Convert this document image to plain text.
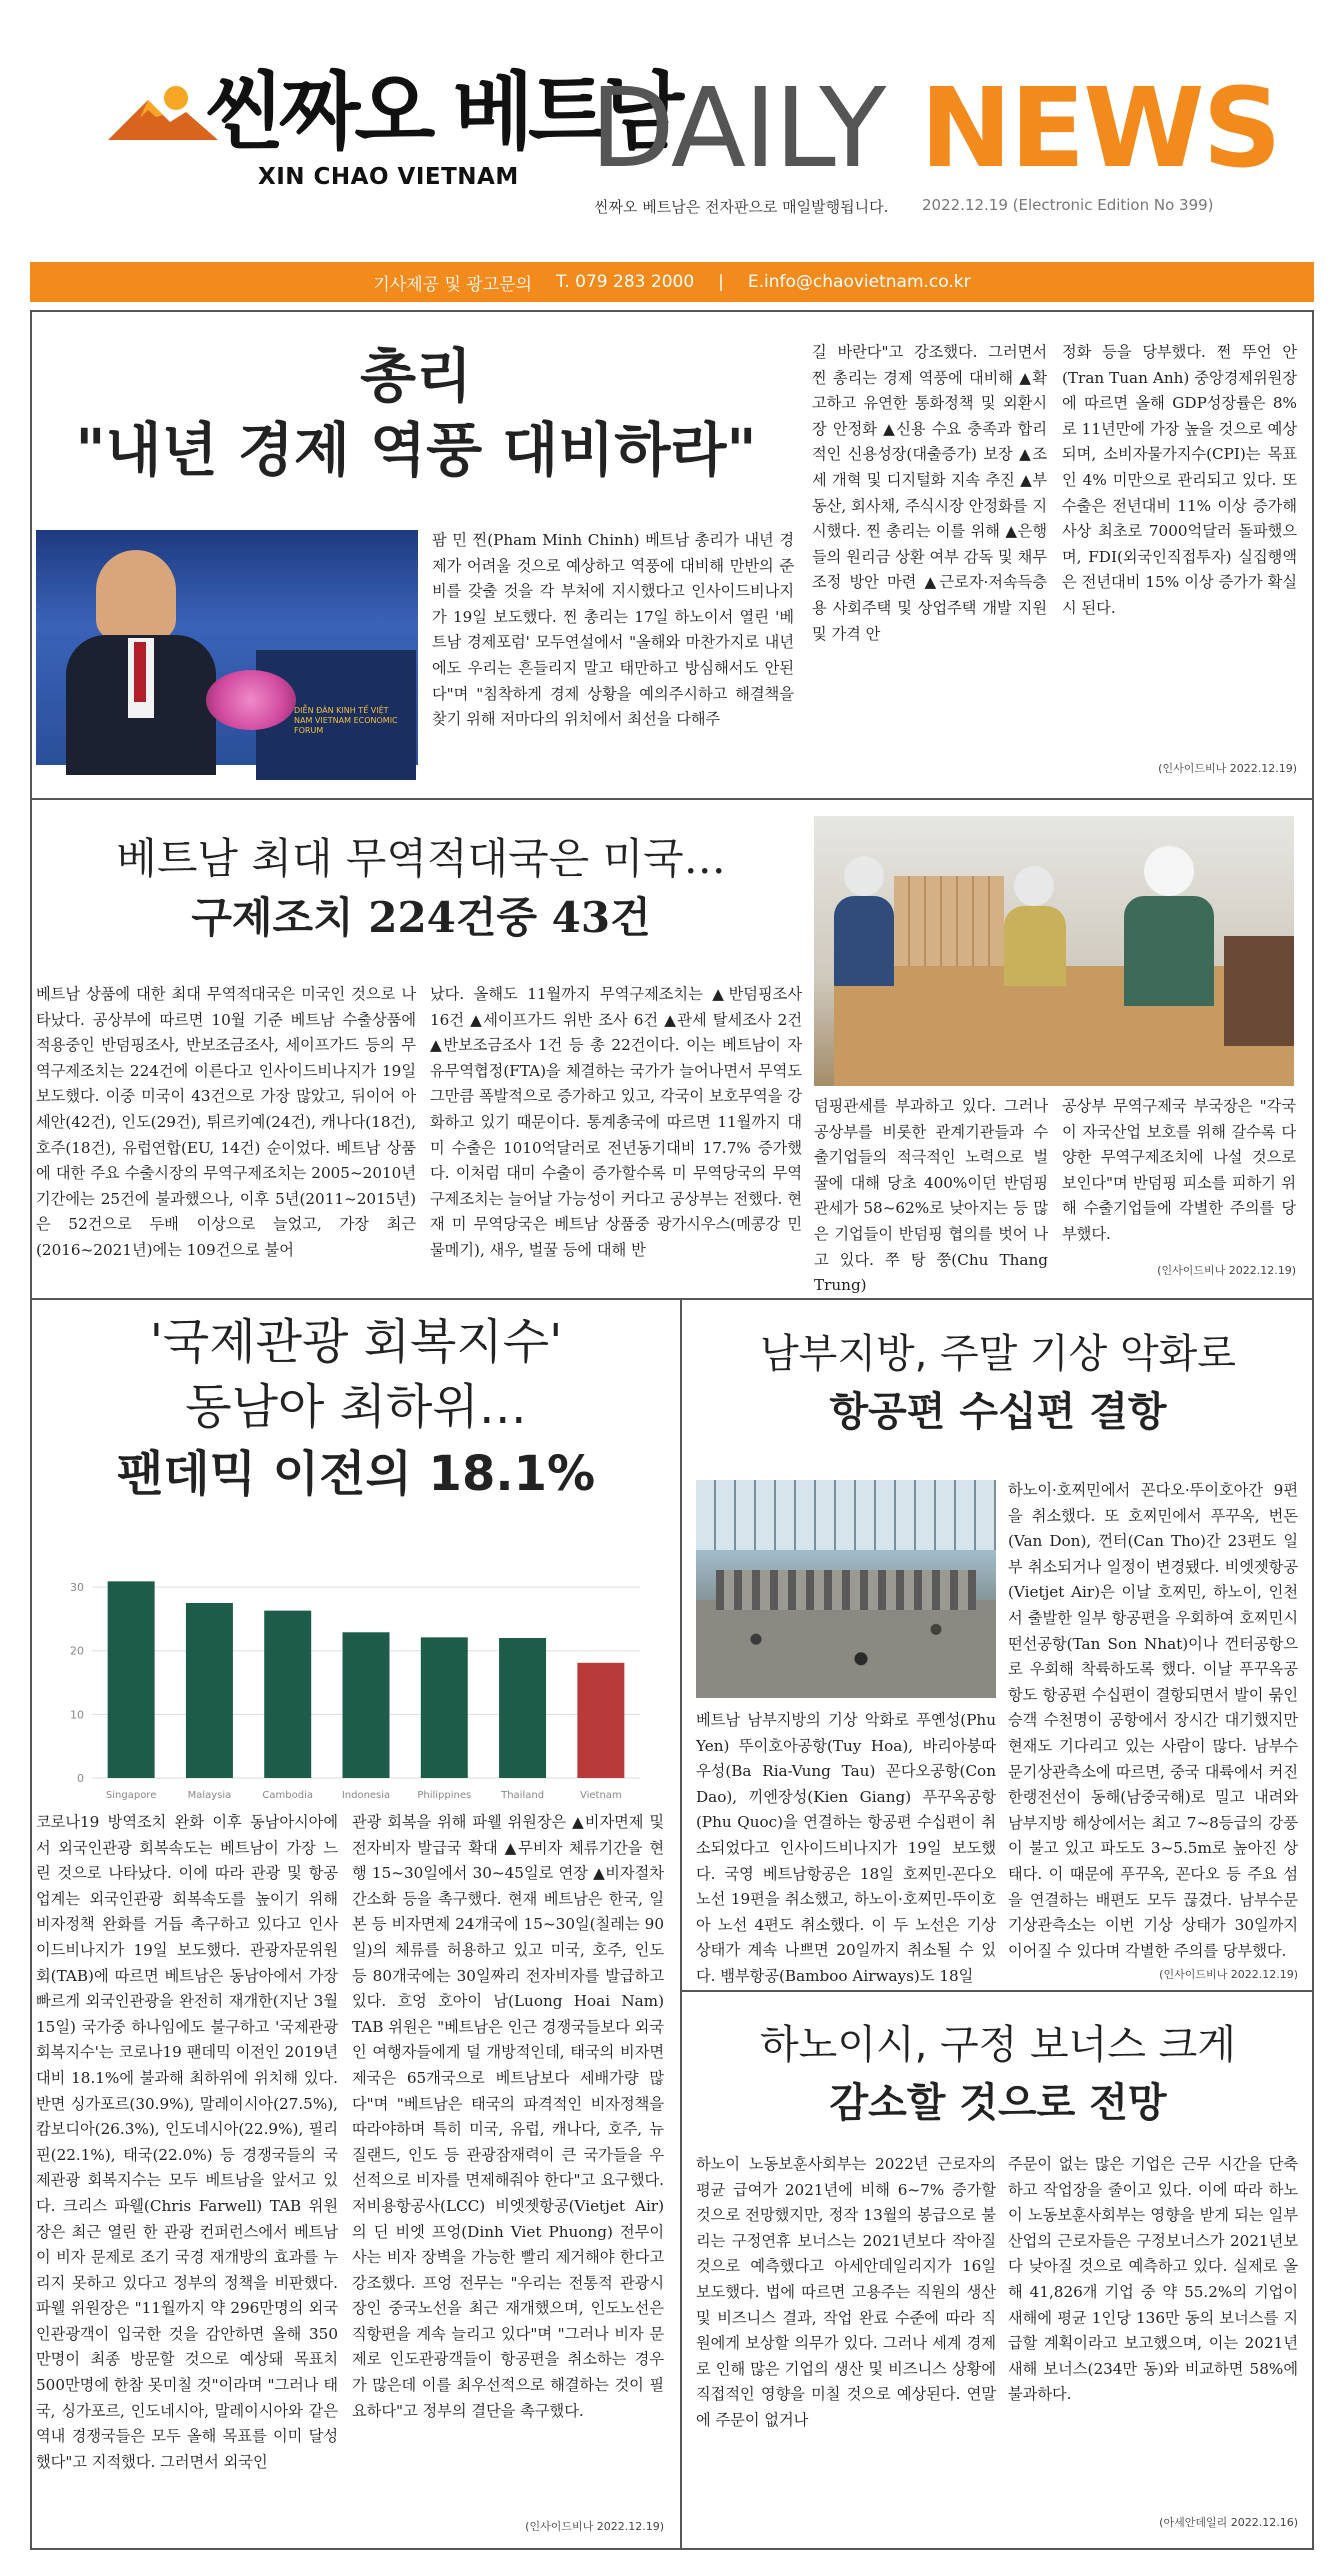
씬짜오 베트남
XIN CHAO VIETNAM DAILY NEWS
씬짜오 베트남은 전자판으로 매일발행됩니다. 2022.12.19 (Electronic Edition No 399)
기사제공 및 광고문의 T. 079 283 2000 | E.info@chaovietnam.co.kr
총리
"내년 경제 역풍 대비하라"
DIỄN ĐÀN KINH TẾ VIỆT NAM VIETNAM ECONOMIC FORUM
팜 민 찐(Pham Minh Chinh) 베트남 총리가 내년 경제가 어려울 것으로 예상하고 역풍에 대비해 만반의 준비를 갖출 것을 각 부처에 지시했다고 인사이드비나지가 19일 보도했다. 찐 총리는 17일 하노이서 열린 '베트남 경제포럼' 모두연설에서 "올해와 마찬가지로 내년에도 우리는 흔들리지 말고 태만하고 방심해서도 안된다"며 "침착하게 경제 상황을 예의주시하고 해결책을 찾기 위해 저마다의 위치에서 최선을 다해주
길 바란다"고 강조했다. 그러면서 찐 총리는 경제 역풍에 대비해 ▲확고하고 유연한 통화정책 및 외환시장 안정화 ▲신용 수요 충족과 합리적인 신용성장(대출증가) 보장 ▲조세 개혁 및 디지털화 지속 추진 ▲부동산, 회사채, 주식시장 안정화를 지시했다. 찐 총리는 이를 위해 ▲은행들의 원리금 상환 여부 감독 및 채무조정 방안 마련 ▲근로자·저속득층용 사회주택 및 상업주택 개발 지원 및 가격 안
정화 등을 당부했다. 쩐 뚜언 안(Tran Tuan Anh) 중앙경제위원장에 따르면 올해 GDP성장률은 8%로 11년만에 가장 높을 것으로 예상되며, 소비자물가지수(CPI)는 목표인 4% 미만으로 관리되고 있다. 또 수출은 전년대비 11% 이상 증가해 사상 최초로 7000억달러 돌파했으며, FDI(외국인직접투자) 실집행액은 전년대비 15% 이상 증가가 확실시 된다.
(인사이드비나 2022.12.19)
베트남 최대 무역적대국은 미국…
구제조치 224건중 43건
베트남 상품에 대한 최대 무역적대국은 미국인 것으로 나타났다. 공상부에 따르면 10월 기준 베트남 수출상품에 적용중인 반덤핑조사, 반보조금조사, 세이프가드 등의 무역구제조치는 224건에 이른다고 인사이드비나지가 19일 보도했다. 이중 미국이 43건으로 가장 많았고, 뒤이어 아세안(42건), 인도(29건), 튀르키예(24건), 캐나다(18건), 호주(18건), 유럽연합(EU, 14건) 순이었다. 베트남 상품에 대한 주요 수출시장의 무역구제조치는 2005~2010년 기간에는 25건에 불과했으나, 이후 5년(2011~2015년)은 52건으로 두배 이상으로 늘었고, 가장 최근(2016~2021년)에는 109건으로 불어
났다. 올해도 11월까지 무역구제조치는 ▲반덤핑조사 16건 ▲세이프가드 위반 조사 6건 ▲관세 탈세조사 2건 ▲반보조금조사 1건 등 총 22건이다. 이는 베트남이 자유무역협정(FTA)을 체결하는 국가가 늘어나면서 무역도 그만큼 폭발적으로 증가하고 있고, 각국이 보호무역을 강화하고 있기 때문이다. 통계총국에 따르면 11월까지 대미 수출은 1010억달러로 전년동기대비 17.7% 증가했다. 이처럼 대미 수출이 증가할수록 미 무역당국의 무역구제조치는 늘어날 가능성이 커다고 공상부는 전했다. 현재 미 무역당국은 베트남 상품중 광가시우스(메콩강 민물메기), 새우, 벌꿀 등에 대해 반
덤핑관세를 부과하고 있다. 그러나 공상부를 비롯한 관계기관들과 수출기업들의 적극적인 노력으로 벌꿀에 대해 당초 400%이던 반덤핑관세가 58~62%로 낮아지는 등 많은 기업들이 반덤핑 협의를 벗어 나고 있다. 쭈 탕 쭝(Chu Thang Trung)
공상부 무역구제국 부국장은 "각국이 자국산업 보호를 위해 갈수록 다양한 무역구제조치에 나설 것으로 보인다"며 반덤핑 피소를 피하기 위해 수출기업들에 각별한 주의를 당부했다.
(인사이드비나 2022.12.19)
'국제관광 회복지수'
동남아 최하위…
팬데믹 이전의 18.1%
0
10
20
30
Singapore	Malaysia	Cambodia	Indonesia	Philippines	Thailand	Vietnam
코로나19 방역조치 완화 이후 동남아시아에서 외국인관광 회복속도는 베트남이 가장 느린 것으로 나타났다. 이에 따라 관광 및 항공업계는 외국인관광 회복속도를 높이기 위해 비자정책 완화를 거듭 촉구하고 있다고 인사이드비나지가 19일 보도했다. 관광자문위원회(TAB)에 따르면 베트남은 동남아에서 가장 빠르게 외국인관광을 완전히 재개한(지난 3월15일) 국가중 하나임에도 불구하고 '국제관광 회복지수'는 코로나19 팬데믹 이전인 2019년 대비 18.1%에 불과해 최하위에 위치해 있다. 반면 싱가포르(30.9%), 말레이시아(27.5%), 캄보디아(26.3%), 인도네시아(22.9%), 필리핀(22.1%), 태국(22.0%) 등 경쟁국들의 국제관광 회복지수는 모두 베트남을 앞서고 있다. 크리스 파웰(Chris Farwell) TAB 위원장은 최근 열린 한 관광 컨퍼런스에서 베트남이 비자 문제로 조기 국경 재개방의 효과를 누리지 못하고 있다고 정부의 정책을 비판했다. 파웰 위원장은 "11월까지 약 296만명의 외국인관광객이 입국한 것을 감안하면 올해 350만명이 최종 방문할 것으로 예상돼 목표치 500만명에 한참 못미칠 것"이라며 "그러나 태국, 싱가포르, 인도네시아, 말레이시아와 같은 역내 경쟁국들은 모두 올해 목표를 이미 달성했다"고 지적했다. 그러면서 외국인
관광 회복을 위해 파웰 위원장은 ▲비자면제 및 전자비자 발급국 확대 ▲무비자 체류기간을 현행 15~30일에서 30~45일로 연장 ▲비자절차 간소화 등을 촉구했다. 현재 베트남은 한국, 일본 등 비자면제 24개국에 15~30일(칠레는 90일)의 체류를 허용하고 있고 미국, 호주, 인도 등 80개국에는 30일짜리 전자비자를 발급하고 있다. 흐엉 호아이 남(Luong Hoai Nam) TAB 위원은 "베트남은 인근 경쟁국들보다 외국인 여행자들에게 덜 개방적인데, 태국의 비자면제국은 65개국으로 베트남보다 세배가량 많다"며 "베트남은 태국의 파격적인 비자정책을 따라야하며 특히 미국, 유럽, 캐나다, 호주, 뉴질랜드, 인도 등 관광잠재력이 큰 국가들을 우선적으로 비자를 면제해줘야 한다"고 요구했다. 저비용항공사(LCC) 비엣젯항공(Vietjet Air)의 딘 비엣 프엉(Dinh Viet Phuong) 전무이사는 비자 장벽을 가능한 빨리 제거해야 한다고 강조했다. 프엉 전무는 "우리는 전통적 관광시장인 중국노선을 최근 재개했으며, 인도노선은 직항편을 계속 늘리고 있다"며 "그러나 비자 문제로 인도관광객들이 항공편을 취소하는 경우가 많은데 이를 최우선적으로 해결하는 것이 필요하다"고 정부의 결단을 촉구했다.
(인사이드비나 2022.12.19)
남부지방, 주말 기상 악화로
항공편 수십편 결항
베트남 남부지방의 기상 악화로 푸옌성(Phu Yen) 뚜이호아공항(Tuy Hoa), 바리아붕따우성(Ba Ria-Vung Tau) 꼰다오공항(Con Dao), 끼엔장성(Kien Giang) 푸꾸옥공항(Phu Quoc)을 연결하는 항공편 수십편이 취소되었다고 인사이드비나지가 19일 보도했다. 국영 베트남항공은 18일 호찌민-꼰다오 노선 19편을 취소했고, 하노이·호찌민-뚜이호아 노선 4편도 취소했다. 이 두 노선은 기상 상태가 계속 나쁘면 20일까지 취소될 수 있다. 뱀부항공(Bamboo Airways)도 18일
하노이·호찌민에서 꼰다오·뚜이호아간 9편을 취소했다. 또 호찌민에서 푸꾸옥, 번돈(Van Don), 껀터(Can Tho)간 23편도 일부 취소되거나 일정이 변경됐다. 비엣젯항공(Vietjet Air)은 이날 호찌민, 하노이, 인천서 출발한 일부 항공편을 우회하여 호찌민시 떤선공항(Tan Son Nhat)이나 껀터공항으로 우회해 착륙하도록 했다. 이날 푸꾸옥공항도 항공편 수십편이 결항되면서 발이 묶인 승객 수천명이 공항에서 장시간 대기했지만 현재도 기다리고 있는 사람이 많다. 남부수문기상관측소에 따르면, 중국 대륙에서 커진 한랭전선이 동해(남중국해)로 밀고 내려와 남부지방 해상에서는 최고 7~8등급의 강풍이 불고 있고 파도도 3~5.5m로 높아진 상태다. 이 때문에 푸꾸옥, 꼰다오 등 주요 섬을 연결하는 배편도 모두 끊겼다. 남부수문기상관측소는 이번 기상 상태가 30일까지 이어질 수 있다며 각별한 주의를 당부했다.
(인사이드비나 2022.12.19)
하노이시, 구정 보너스 크게
감소할 것으로 전망
하노이 노동보훈사회부는 2022년 근로자의 평균 급여가 2021년에 비해 6~7% 증가할 것으로 전망했지만, 정작 13월의 봉급으로 불리는 구정연휴 보너스는 2021년보다 작아질 것으로 예측했다고 아세안데일리지가 16일 보도했다. 법에 따르면 고용주는 직원의 생산 및 비즈니스 결과, 작업 완료 수준에 따라 직원에게 보상할 의무가 있다. 그러나 세계 경제로 인해 많은 기업의 생산 및 비즈니스 상황에 직접적인 영향을 미칠 것으로 예상된다. 연말에 주문이 없거나
주문이 없는 많은 기업은 근무 시간을 단축하고 작업장을 줄이고 있다. 이에 따라 하노이 노동보훈사회부는 영향을 받게 되는 일부 산업의 근로자들은 구정보너스가 2021년보다 낮아질 것으로 예측하고 있다. 실제로 올해 41,826개 기업 중 약 55.2%의 기업이 새해에 평균 1인당 136만 동의 보너스를 지급할 계획이라고 보고했으며, 이는 2021년 새해 보너스(234만 동)와 비교하면 58%에 불과하다.
(아세안데일리 2022.12.16)
